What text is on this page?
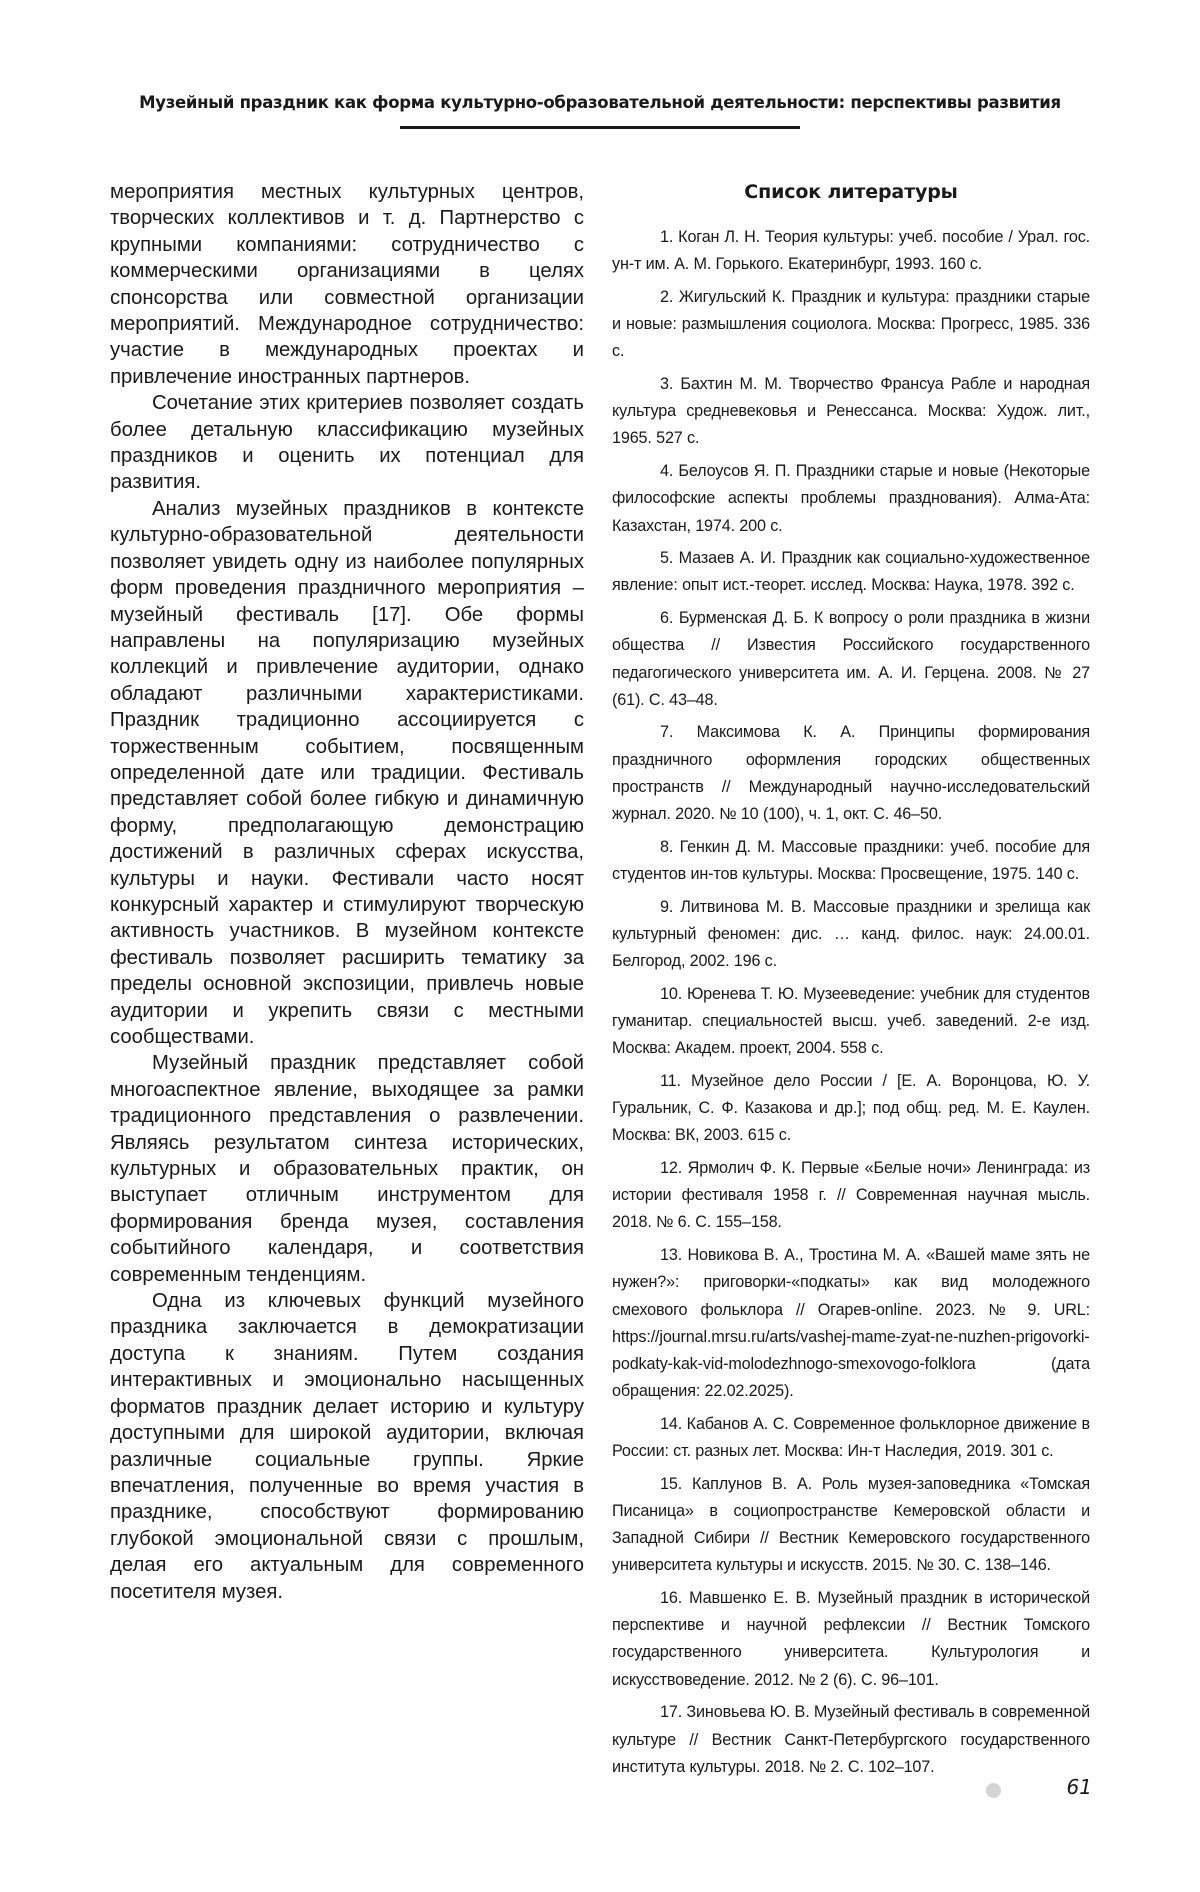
Музейный праздник как форма культурно-образовательной деятельности: перспективы развития

мероприятия местных культурных центров, творческих коллективов и т. д. Партнерство с крупными компаниями: сотрудничество с коммерческими организациями в целях спонсорства или совместной организации мероприятий. Международное сотрудничество: участие в международных проектах и привлечение иностранных партнеров.

Сочетание этих критериев позволяет создать более детальную классификацию музейных праздников и оценить их потенциал для развития.

Анализ музейных праздников в контексте культурно-образовательной деятельности позволяет увидеть одну из наиболее популярных форм проведения праздничного мероприятия – музейный фестиваль [17]. Обе формы направлены на популяризацию музейных коллекций и привлечение аудитории, однако обладают различными характеристиками. Праздник традиционно ассоциируется с торжественным событием, посвященным определенной дате или традиции. Фестиваль представляет собой более гибкую и динамичную форму, предполагающую демонстрацию достижений в различных сферах искусства, культуры и науки. Фестивали часто носят конкурсный характер и стимулируют творческую активность участников. В музейном контексте фестиваль позволяет расширить тематику за пределы основной экспозиции, привлечь новые аудитории и укрепить связи с местными сообществами.

Музейный праздник представляет собой многоаспектное явление, выходящее за рамки традиционного представления о развлечении. Являясь результатом синтеза исторических, культурных и образовательных практик, он выступает отличным инструментом для формирования бренда музея, составления событийного календаря, и соответствия современным тенденциям.

Одна из ключевых функций музейного праздника заключается в демократизации доступа к знаниям. Путем создания интерактивных и эмоционально насыщенных форматов праздник делает историю и культуру доступными для широкой аудитории, включая различные социальные группы. Яркие впечатления, полученные во время участия в празднике, способствуют формированию глубокой эмоциональной связи с прошлым, делая его актуальным для современного посетителя музея.

Список литературы
1. Коган Л. Н. Теория культуры: учеб. пособие / Урал. гос. ун-т им. А. М. Горького. Екатеринбург, 1993. 160 с.
2. Жигульский К. Праздник и культура: праздники старые и новые: размышления социолога. Москва: Прогресс, 1985. 336 с.
3. Бахтин М. М. Творчество Франсуа Рабле и народная культура средневековья и Ренессанса. Москва: Худож. лит., 1965. 527 с.
4. Белоусов Я. П. Праздники старые и новые (Некоторые философские аспекты проблемы празднования). Алма-Ата: Казахстан, 1974. 200 с.
5. Мазаев А. И. Праздник как социально-художественное явление: опыт ист.-теорет. исслед. Москва: Наука, 1978. 392 с.
6. Бурменская Д. Б. К вопросу о роли праздника в жизни общества // Известия Российского государственного педагогического университета им. А. И. Герцена. 2008. № 27 (61). С. 43–48.
7. Максимова К. А. Принципы формирования праздничного оформления городских общественных пространств // Международный научно-исследовательский журнал. 2020. № 10 (100), ч. 1, окт. С. 46–50.
8. Генкин Д. М. Массовые праздники: учеб. пособие для студентов ин-тов культуры. Москва: Просвещение, 1975. 140 с.
9. Литвинова М. В. Массовые праздники и зрелища как культурный феномен: дис. … канд. филос. наук: 24.00.01. Белгород, 2002. 196 с.
10. Юренева Т. Ю. Музееведение: учебник для студентов гуманитар. специальностей высш. учеб. заведений. 2-е изд. Москва: Академ. проект, 2004. 558 с.
11. Музейное дело России / [Е. А. Воронцова, Ю. У. Гуральник, С. Ф. Казакова и др.]; под общ. ред. М. Е. Каулен. Москва: ВК, 2003. 615 с.
12. Ярмолич Ф. К. Первые «Белые ночи» Ленинграда: из истории фестиваля 1958 г. // Современная научная мысль. 2018. № 6. С. 155–158.
13. Новикова В. А., Тростина М. А. «Вашей маме зять не нужен?»: приговорки-«подкаты» как вид молодежного смехового фольклора // Огарев-online. 2023. № 9. URL: https://journal.mrsu.ru/arts/vashej-mame-zyat-ne-nuzhen-prigovorki-podkaty-kak-vid-molodezhnogo-smexovogo-folklora (дата обращения: 22.02.2025).
14. Кабанов А. С. Современное фольклорное движение в России: ст. разных лет. Москва: Ин-т Наследия, 2019. 301 с.
15. Каплунов В. А. Роль музея-заповедника «Томская Писаница» в социопространстве Кемеровской области и Западной Сибири // Вестник Кемеровского государственного университета культуры и искусств. 2015. № 30. С. 138–146.
16. Мавшенко Е. В. Музейный праздник в исторической перспективе и научной рефлексии // Вестник Томского государственного университета. Культурология и искусствоведение. 2012. № 2 (6). С. 96–101.
17. Зиновьева Ю. В. Музейный фестиваль в современной культуре // Вестник Санкт-Петербургского государственного института культуры. 2018. № 2. С. 102–107.
61
